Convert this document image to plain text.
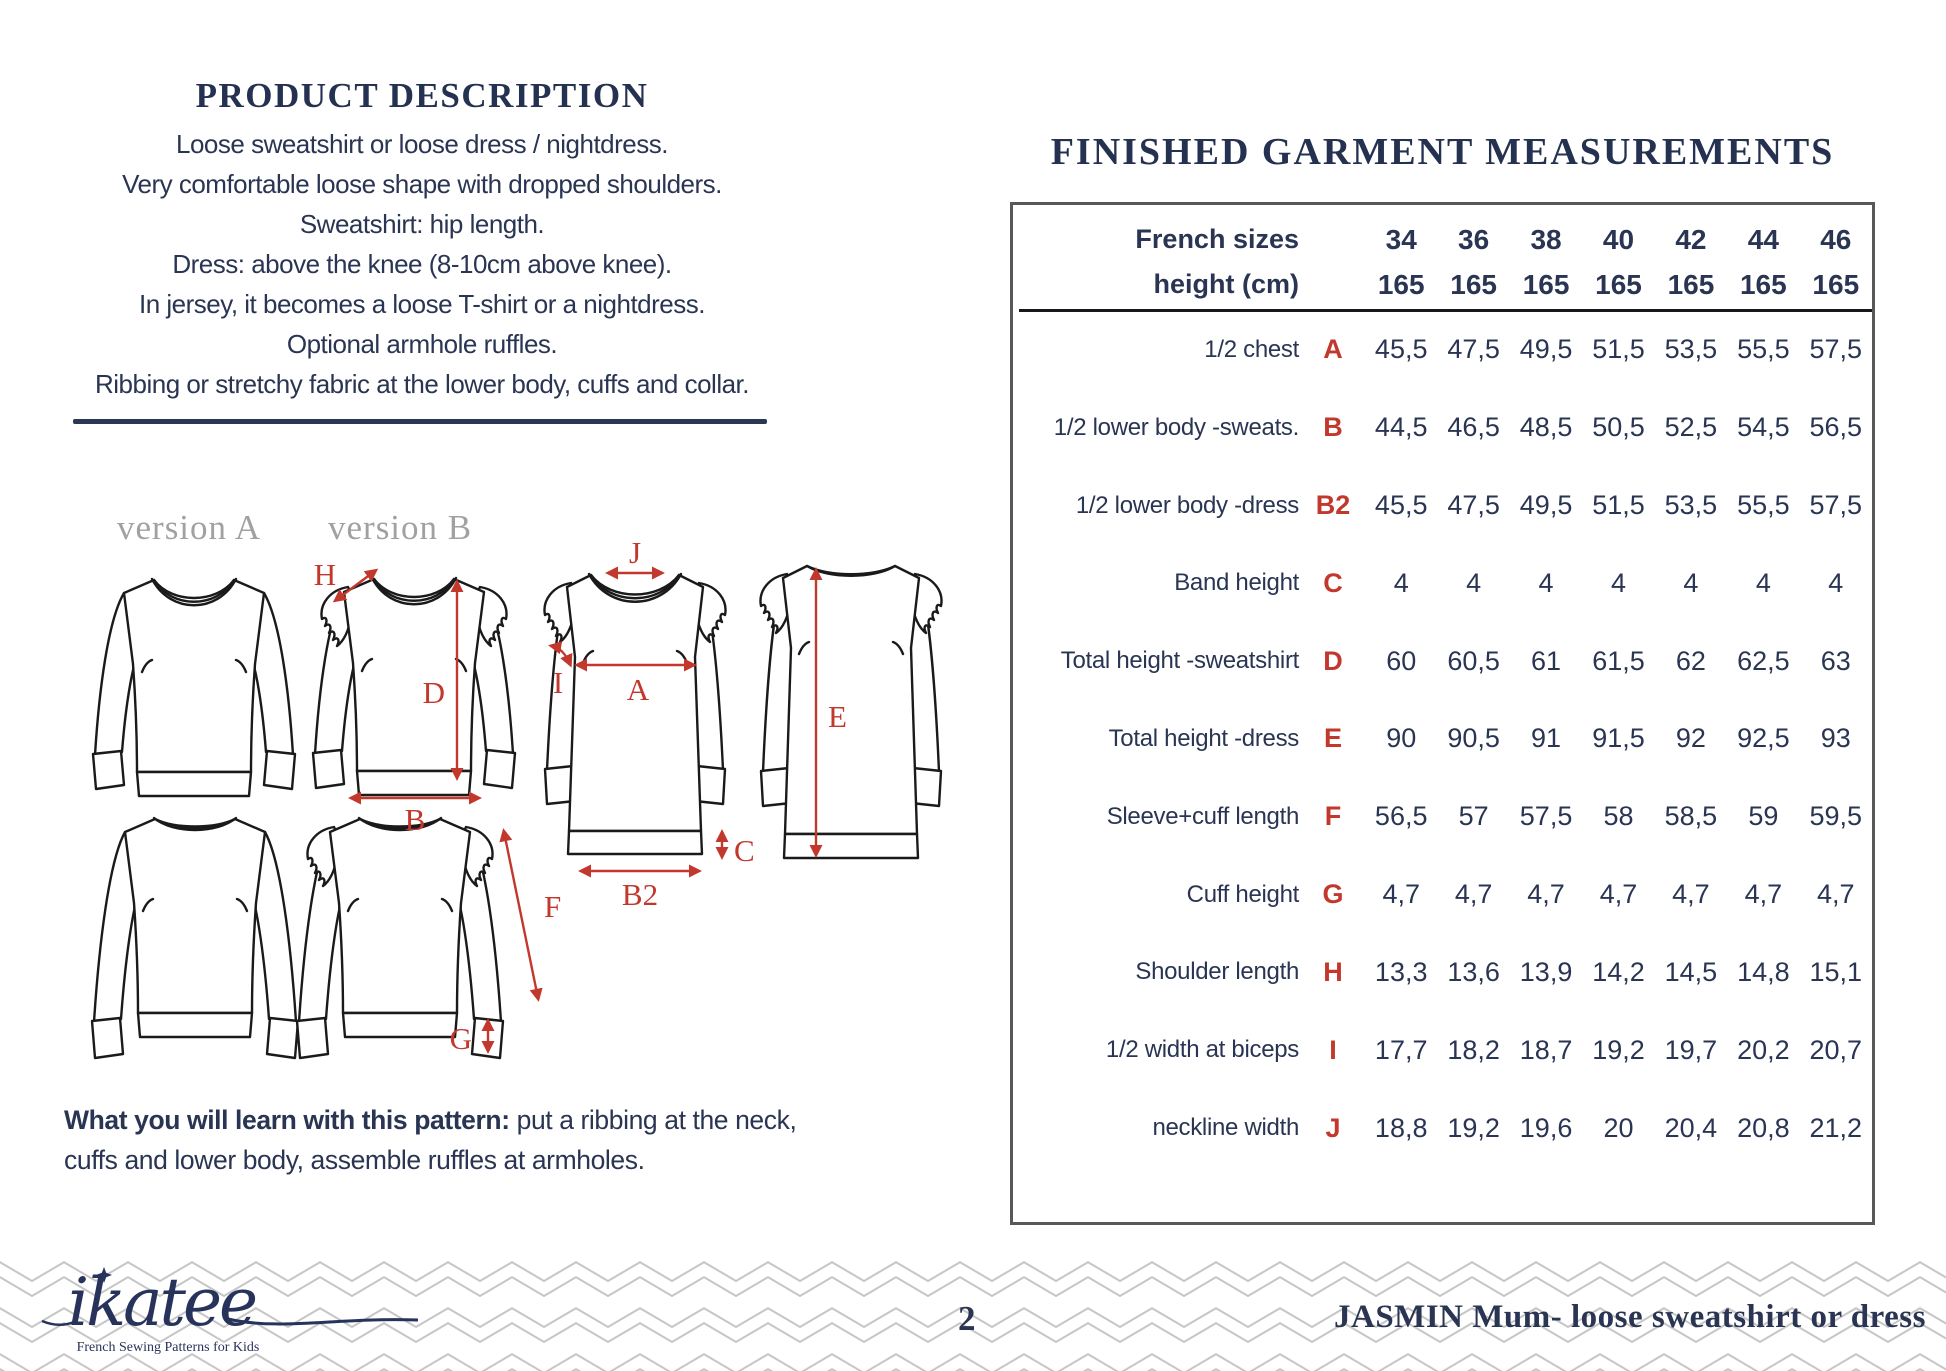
PRODUCT DESCRIPTION
Loose sweatshirt or loose dress / nightdress.
Very comfortable loose shape with dropped shoulders.
Sweatshirt: hip length.
Dress: above the knee (8-10cm above knee).
In jersey, it becomes a loose T-shirt or a nightdress.
Optional armhole ruffles.
Ribbing or stretchy fabric at the lower body, cuffs and collar.
version A version B
H
D
B
J
I A
C
B2
E
F
G

What you will learn with this pattern: put a ribbing at the neck, cuffs and lower body, assemble ruffles at armholes.

FINISHED GARMENT MEASUREMENTS
French sizes	34	36	38	40	42	44	46
height (cm)	165 165 165 165 165 165 165
1/2 chest A	45,5 47,5 49,5 51,5 53,5 55,5 57,5
1/2 lower body -sweats. B	44,5 46,5 48,5 50,5 52,5 54,5 56,5
1/2 lower body -dress B2 45,5 47,5 49,5 51,5 53,5 55,5 57,5
Band height C	4	4	4	4	4	4	4
Total height -sweatshirt D	60	60,5	61	61,5	62	62,5	63
Total height -dress E	90	90,5	91	91,5	92	92,5	93
Sleeve+cuff length F	56,5	57	57,5	58	58,5	59	59,5
Cuff height G	4,7	4,7	4,7	4,7	4,7	4,7	4,7
Shoulder length H	13,3 13,6 13,9 14,2 14,5 14,8 15,1
1/2 width at biceps	I	17,7 18,2 18,7 19,2 19,7 20,2 20,7
neckline width J	18,8 19,2 19,6	20	20,4 20,8 21,2
ikatee
French Sewing Patterns for Kids
2	JASMIN Mum- loose sweatshirt or dress
